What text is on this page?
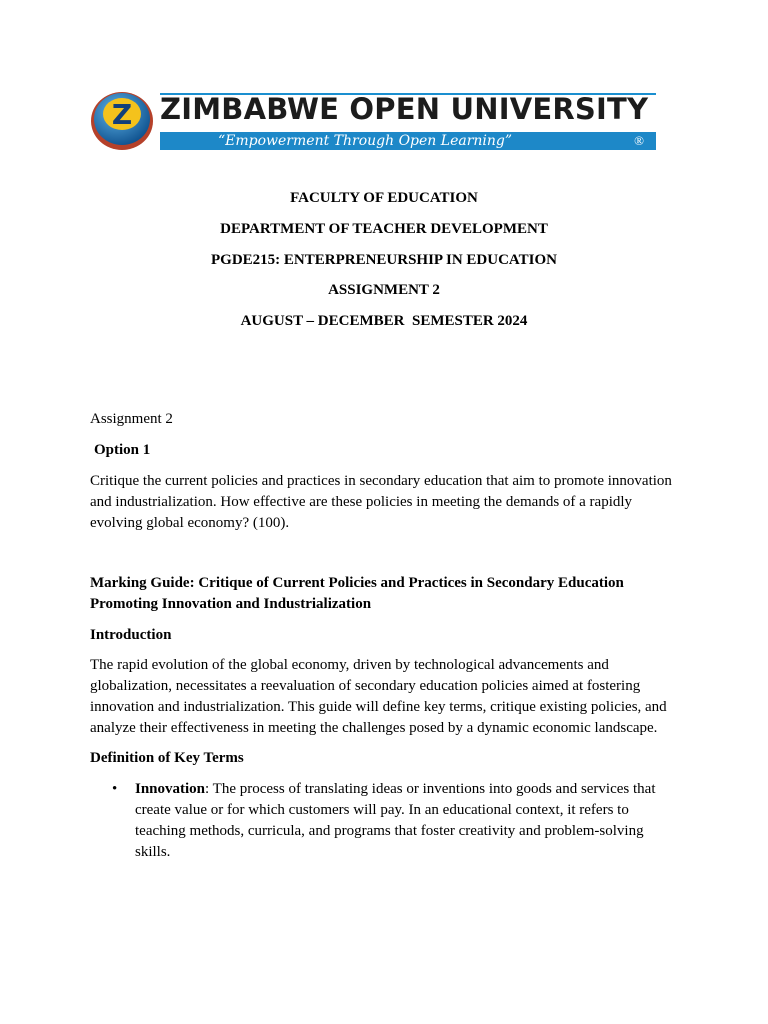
Z ZIMBABWE OPEN UNIVERSITY
“Empowerment Through Open Learning”	®
FACULTY OF EDUCATION
DEPARTMENT OF TEACHER DEVELOPMENT
PGDE215: ENTERPRENEURSHIP IN EDUCATION
ASSIGNMENT 2
AUGUST – DECEMBER  SEMESTER 2024
Assignment 2
Option 1
Critique the current policies and practices in secondary education that aim to promote innovation
and industrialization. How effective are these policies in meeting the demands of a rapidly
evolving global economy? (100).
Marking Guide: Critique of Current Policies and Practices in Secondary Education
Promoting Innovation and Industrialization
Introduction
The rapid evolution of the global economy, driven by technological advancements and
globalization, necessitates a reevaluation of secondary education policies aimed at fostering
innovation and industrialization. This guide will define key terms, critique existing policies, and
analyze their effectiveness in meeting the challenges posed by a dynamic economic landscape.
Definition of Key Terms
• Innovation: The process of translating ideas or inventions into goods and services that
create value or for which customers will pay. In an educational context, it refers to
teaching methods, curricula, and programs that foster creativity and problem-solving
skills.
